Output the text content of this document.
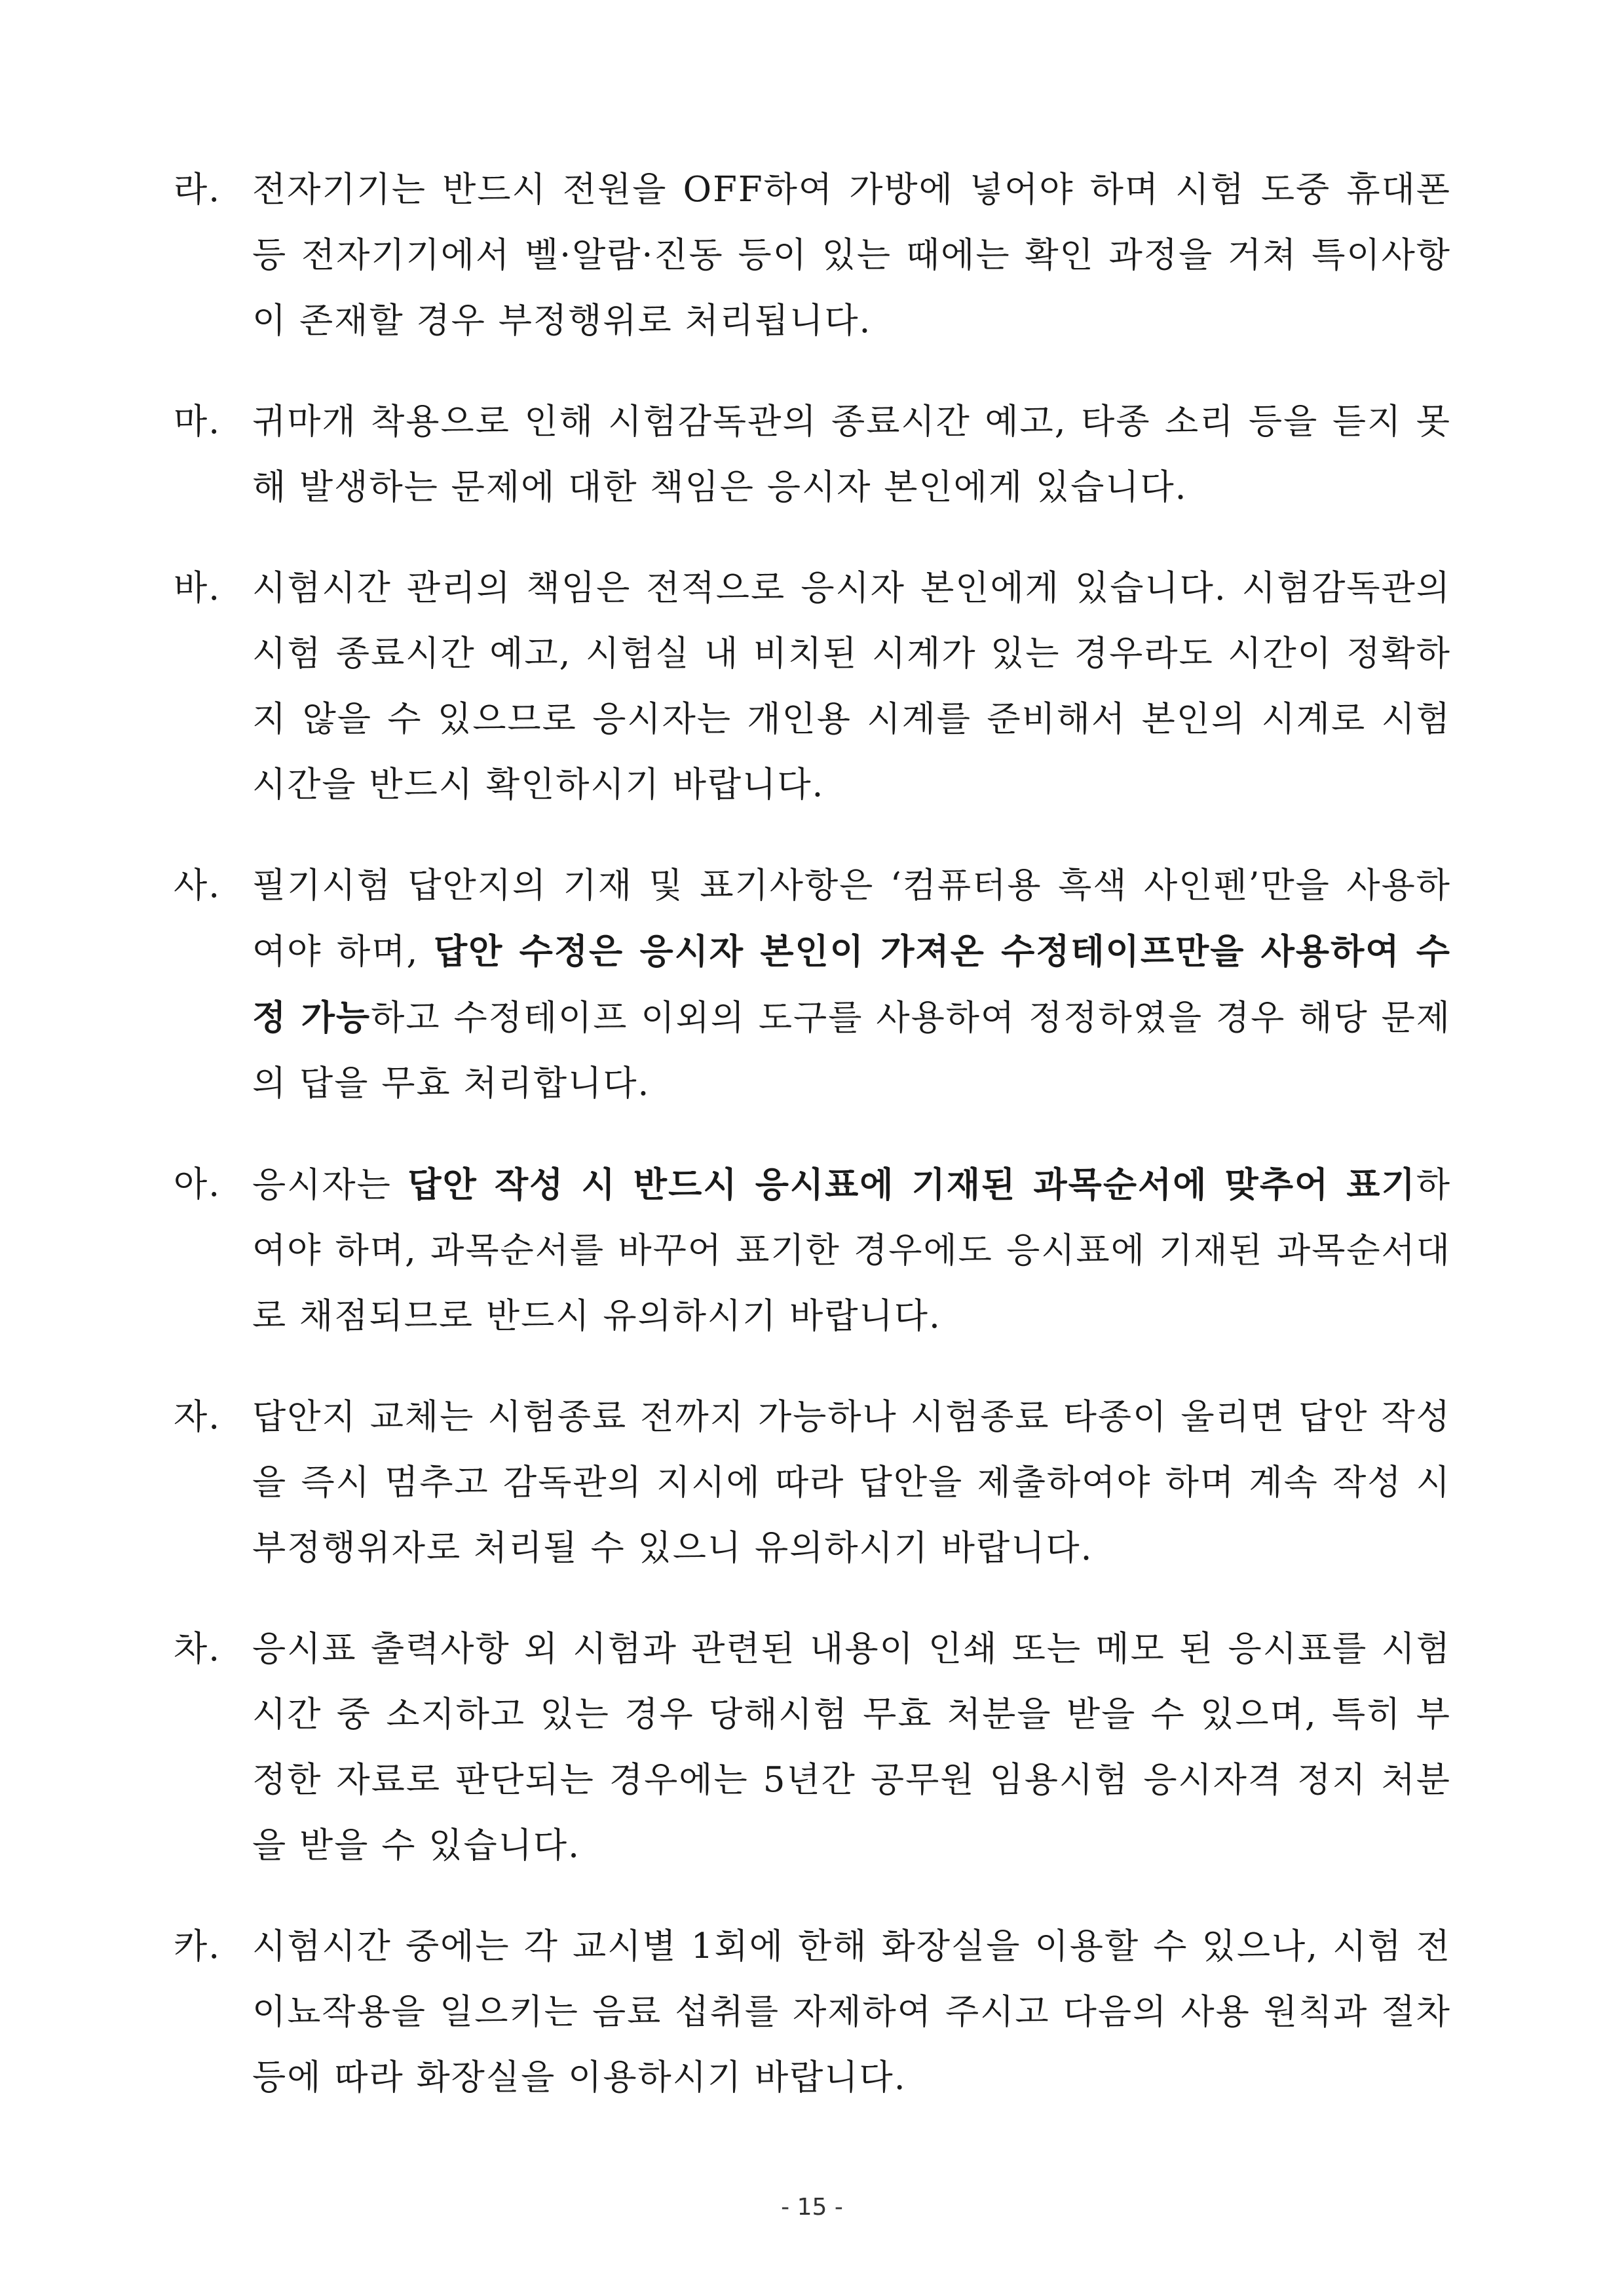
라. 전자기기는 반드시 전원을 OFF하여 가방에 넣어야 하며 시험 도중 휴대폰 등 전자기기에서 벨·알람·진동 등이 있는 때에는 확인 과정을 거쳐 특이사항이 존재할 경우 부정행위로 처리됩니다.
마. 귀마개 착용으로 인해 시험감독관의 종료시간 예고, 타종 소리 등을 듣지 못해 발생하는 문제에 대한 책임은 응시자 본인에게 있습니다.
바. 시험시간 관리의 책임은 전적으로 응시자 본인에게 있습니다. 시험감독관의 시험 종료시간 예고, 시험실 내 비치된 시계가 있는 경우라도 시간이 정확하지 않을 수 있으므로 응시자는 개인용 시계를 준비해서 본인의 시계로 시험시간을 반드시 확인하시기 바랍니다.
사. 필기시험 답안지의 기재 및 표기사항은 ‘컴퓨터용 흑색 사인펜’만을 사용하여야 하며, 답안 수정은 응시자 본인이 가져온 수정테이프만을 사용하여 수정 가능하고 수정테이프 이외의 도구를 사용하여 정정하였을 경우 해당 문제의 답을 무효 처리합니다.
아. 응시자는 답안 작성 시 반드시 응시표에 기재된 과목순서에 맞추어 표기하여야 하며, 과목순서를 바꾸어 표기한 경우에도 응시표에 기재된 과목순서대로 채점되므로 반드시 유의하시기 바랍니다.
자. 답안지 교체는 시험종료 전까지 가능하나 시험종료 타종이 울리면 답안 작성을 즉시 멈추고 감독관의 지시에 따라 답안을 제출하여야 하며 계속 작성 시 부정행위자로 처리될 수 있으니 유의하시기 바랍니다.
차. 응시표 출력사항 외 시험과 관련된 내용이 인쇄 또는 메모 된 응시표를 시험시간 중 소지하고 있는 경우 당해시험 무효 처분을 받을 수 있으며, 특히 부정한 자료로 판단되는 경우에는 5년간 공무원 임용시험 응시자격 정지 처분을 받을 수 있습니다.
카. 시험시간 중에는 각 교시별 1회에 한해 화장실을 이용할 수 있으나, 시험 전 이뇨작용을 일으키는 음료 섭취를 자제하여 주시고 다음의 사용 원칙과 절차 등에 따라 화장실을 이용하시기 바랍니다.
- 15 -
